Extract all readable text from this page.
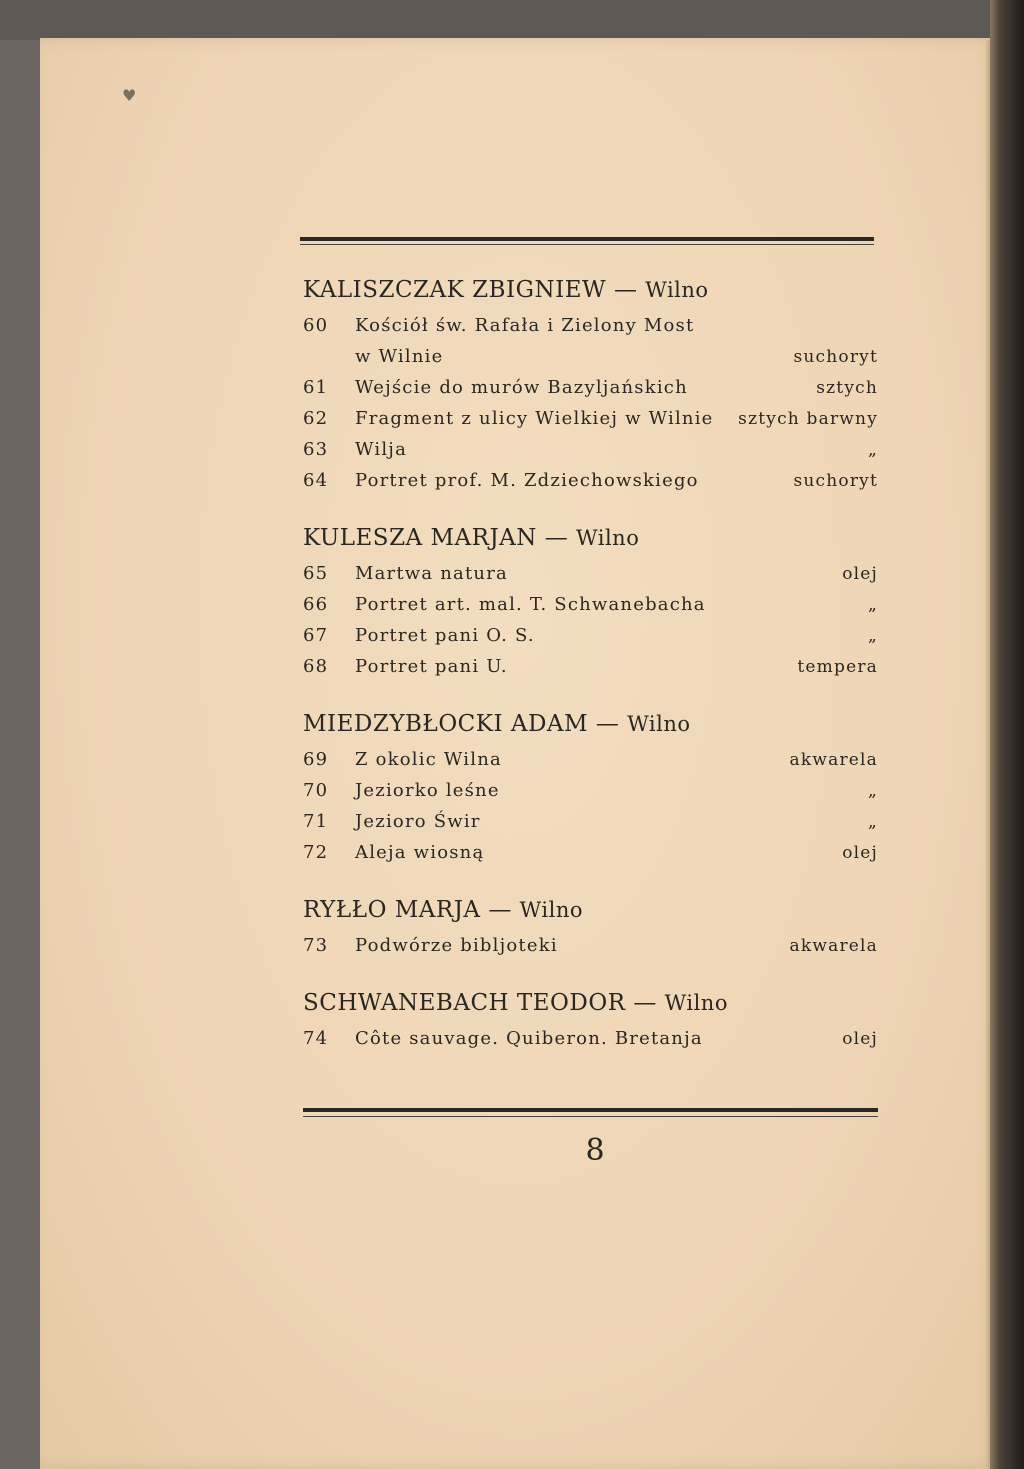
♥
KALISZCZAK ZBIGNIEW — Wilno
60	Kościół św. Rafała i Zielony Most
w Wilnie	suchoryt
61	Wejście do murów Bazyljańskich	sztych
62	Fragment z ulicy Wielkiej w Wilnie	sztych barwny
63	Wilja	„
64	Portret prof. M. Zdziechowskiego	suchoryt
KULESZA MARJAN — Wilno
65	Martwa natura	olej
66	Portret art. mal. T. Schwanebacha	„
67	Portret pani O. S.	„
68	Portret pani U.	tempera
MIEDZYBŁOCKI ADAM — Wilno
69	Z okolic Wilna	akwarela
70	Jeziorko leśne	„
71	Jezioro Świr	„
72	Aleja wiosną	olej
RYŁŁO MARJA — Wilno
73	Podwórze bibljoteki	akwarela
SCHWANEBACH TEODOR — Wilno
74	Côte sauvage. Quiberon. Bretanja	olej
8
